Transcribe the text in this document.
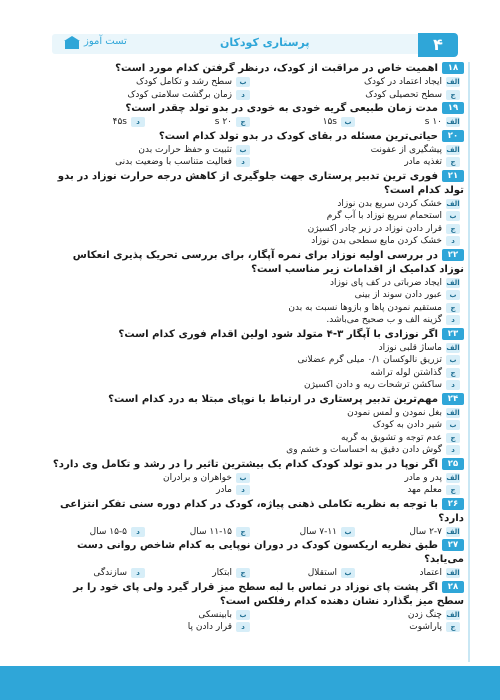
تست آموز	پرستاری کودکان	۴
۱۸اهمیت خاص در مراقبت از کودک، درنظر گرفتن کدام مورد است؟
الف
ایجاد اعتماد در کودک
ب
سطح رشد و تکامل کودک
ج
سطح تحصیلی کودک
د
زمان برگشت سلامتی کودک
۱۹مدت زمان طبیعی گریه خودی به خودی در بدو تولد چقدر است؟
الف
۱۰ s
ب
۱۵s
ج
۲۰ s
د
۴۵s
۲۰حیاتی‌ترین مسئله در بقای کودک در بدو تولد کدام است؟
الف
پیشگیری از عفونت
ب
تثبیت و حفظ حرارت بدن
ج
تغذیه مادر
د
فعالیت متناسب با وضعیت بدنی
۲۱فوری ترین تدبیر پرستاری جهت جلوگیری از کاهش درجه حرارت نوزاد در بدو تولد کدام است؟
الف
خشک کردن سریع بدن نوزاد
ب
استحمام سریع نوزاد با آب گرم
ج
قرار دادن نوزاد در زیر چادر اکسیژن
د
خشک کردن مایع سطحی بدن نوزاد
۲۲در بررسی اولیه نوزاد برای نمره آپگار، برای بررسی تحریک پذیری انعکاس نوزاد کدامیک از اقدامات زیر مناسب است؟
الف
ایجاد ضرباتی در کف پای نوزاد
ب
عبور دادن سوند از بینی
ج
مستقیم نمودن پاها و بازوها نسبت به بدن
د
گزینه الف و ب صحیح می‌باشد.
۲۳اگر نوزادی با آپگار ۳-۴ متولد شود اولین اقدام فوری کدام است؟
الف
ماساژ قلبی نوزاد
ب
تزریق نالوکسان ۰/۱ میلی گرم عضلانی
ج
گذاشتن لوله تراشه
د
ساکشن ترشحات ریه و دادن اکسیژن
۲۴مهم‌ترین تدبیر پرستاری در ارتباط با نوپای مبتلا به درد کدام است؟
الف
بغل نمودن و لمس نمودن
ب
شیر دادن به کودک
ج
عدم توجه و تشویق به گریه
د
گوش دادن دقیق به احساسات و خشم وی
۲۵اگر نوپا در بدو تولد کودک کدام یک بیشترین تاثیر را در رشد و تکامل وی دارد؟
الف
پدر و مادر
ب
خواهران و برادران
ج
معلم مهد
د
مادر
۲۶با توجه به نظریه تکاملی ذهنی پیاژه، کودک در کدام دوره سنی تفکر انتزاعی دارد؟
الف
۲-۷ سال
ب
۷-۱۱ سال
ج
۱۱-۱۵ سال
د
۱۵-۵ سال
۲۷طبق نظریه اریکسون کودک در دوران نوپایی به کدام شاخص روانی دست می‌یابد؟
الف
اعتماد
ب
استقلال
ج
ابتکار
د
سازندگی
۲۸اگر پشت پای نوزاد در تماس با لبه سطح میز قرار گیرد ولی پای خود را بر سطح میز بگذارد نشان دهنده کدام رفلکس است؟
الف
چنگ زدن
ب
بابینسکی
ج
پاراشوت
د
قرار دادن پا
